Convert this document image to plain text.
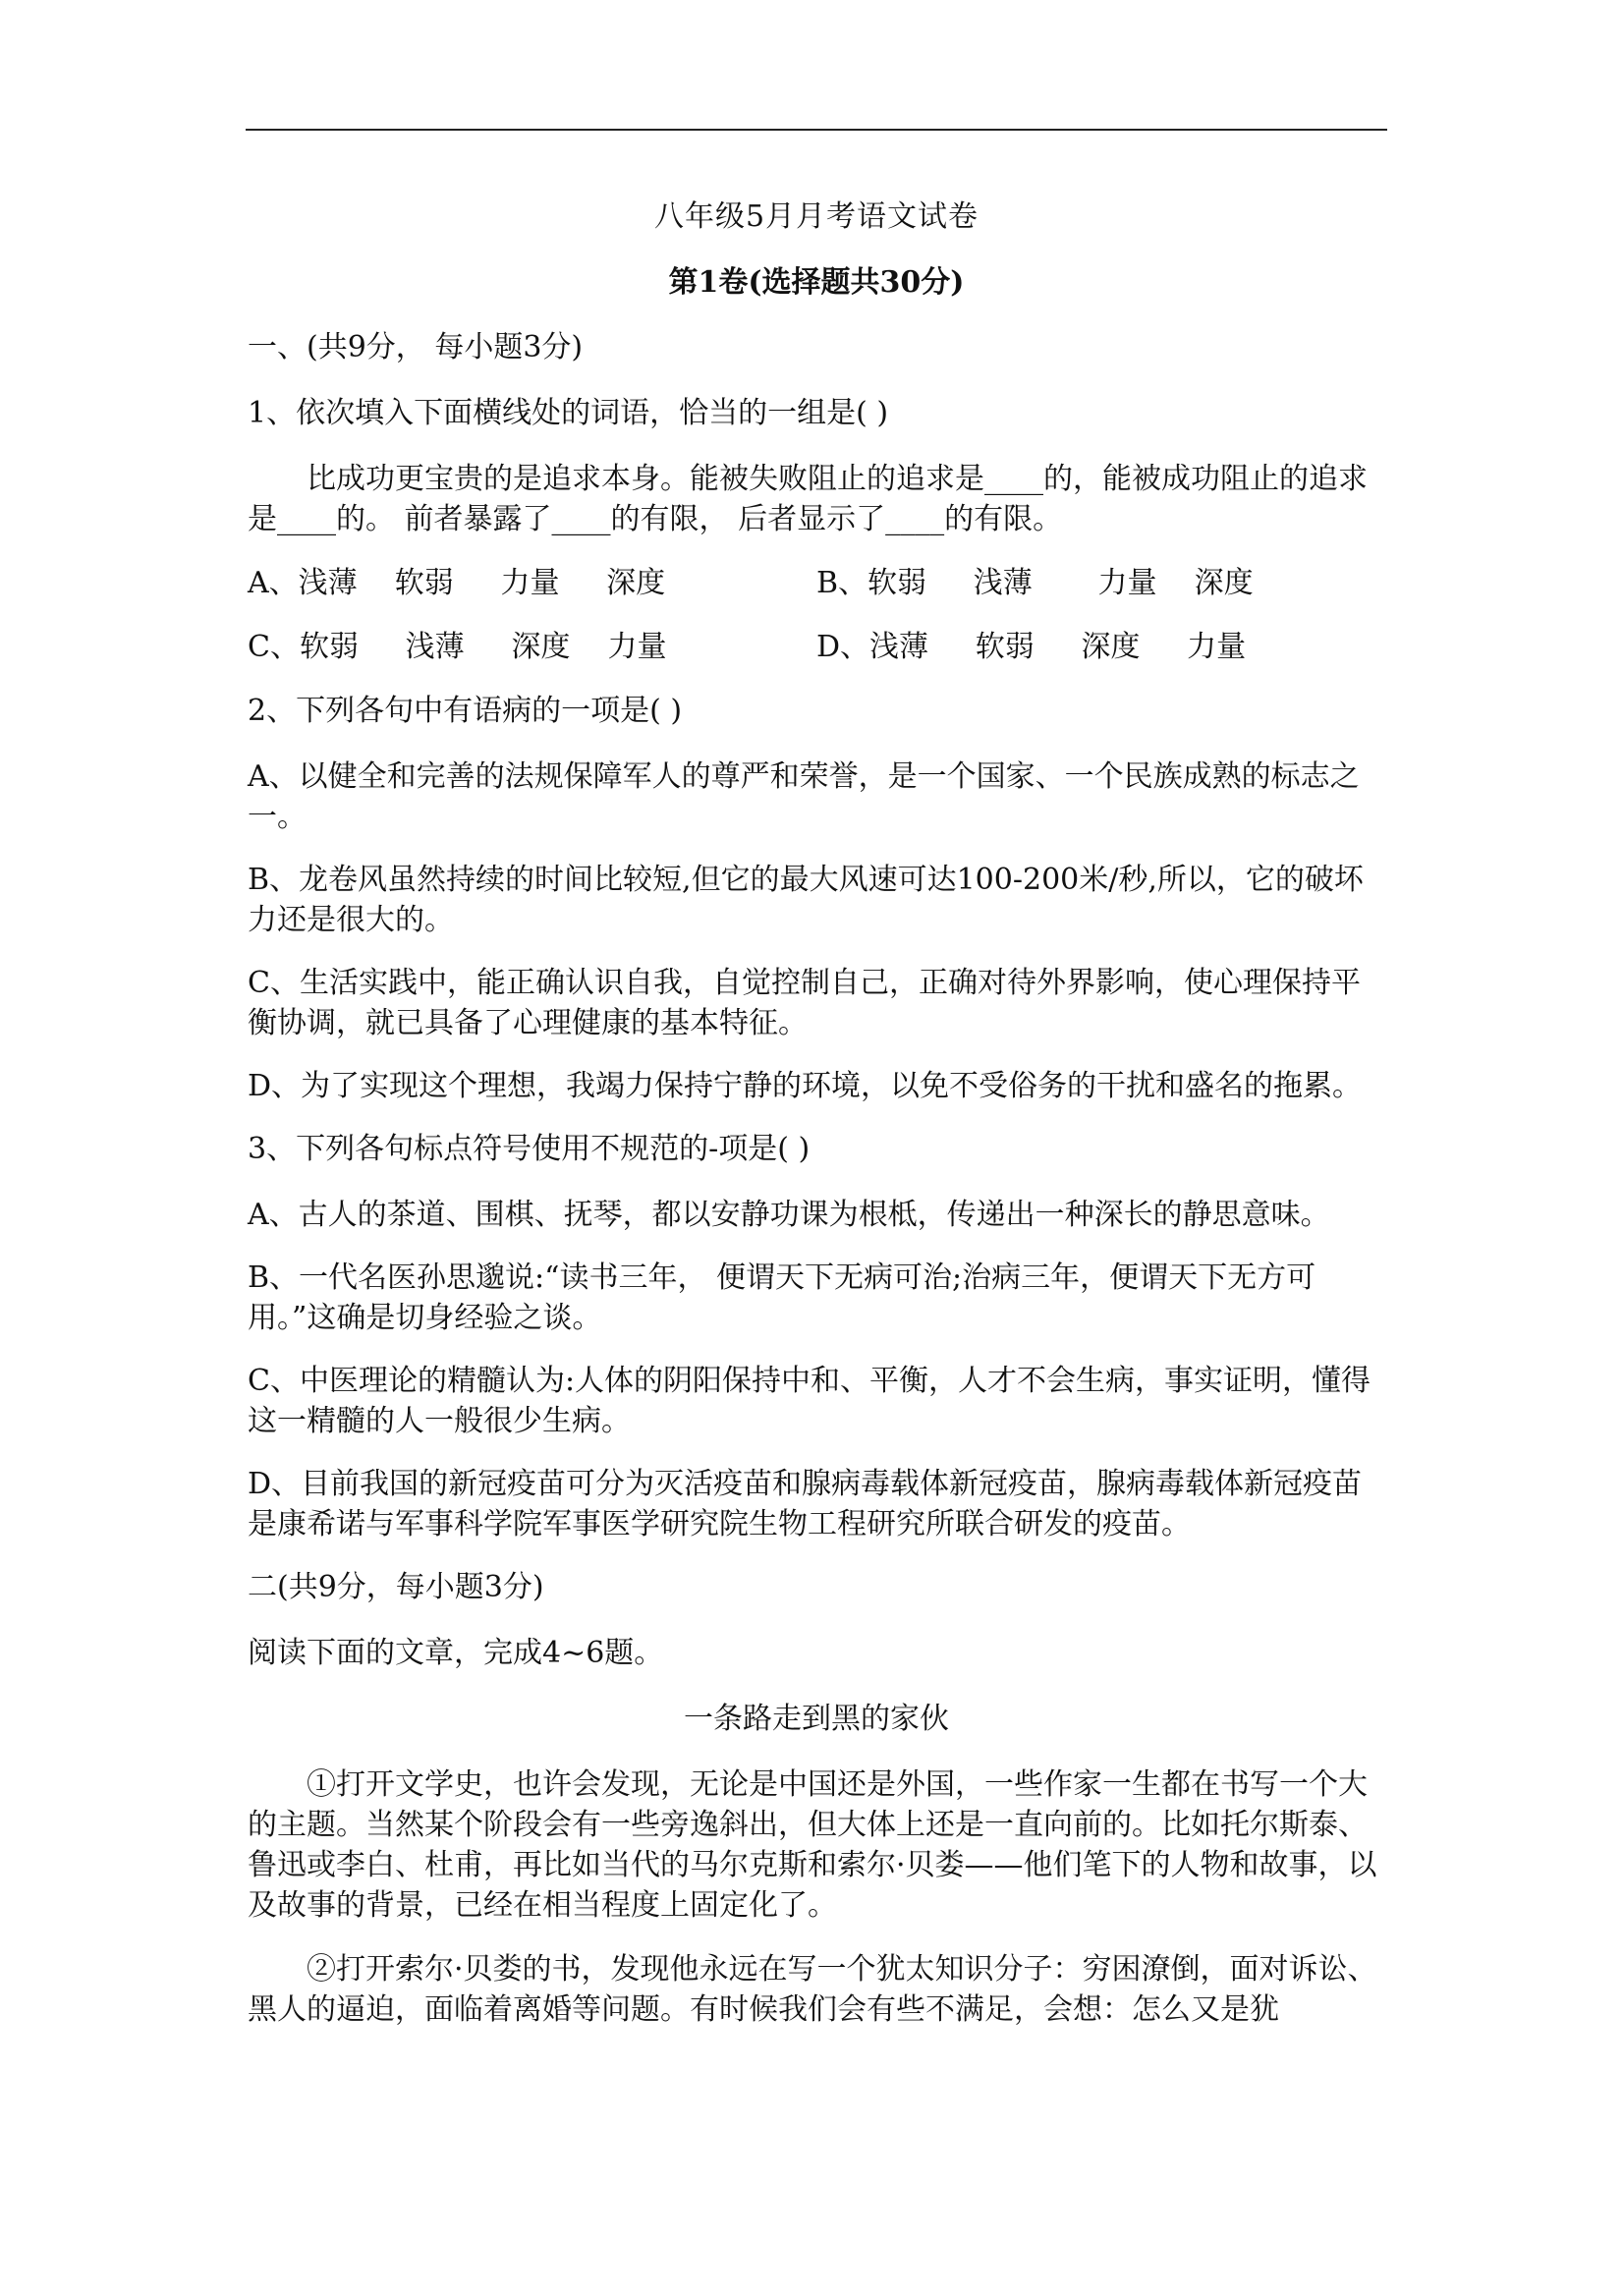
八年级5月月考语文试卷
第1卷(选择题共30分)
一、(共9分， 每小题3分)
1、依次填入下面横线处的词语，恰当的一组是( )
比成功更宝贵的是追求本身。能被失败阻止的追求是____的，能被成功阻止的追求是____的。 前者暴露了____的有限， 后者显示了____的有限。
A、浅薄    软弱     力量     深度	B、软弱     浅薄       力量    深度
C、软弱     浅薄     深度    力量	D、浅薄     软弱     深度     力量
2、下列各句中有语病的一项是( )
A、以健全和完善的法规保障军人的尊严和荣誉，是一个国家、一个民族成熟的标志之一。
B、龙卷风虽然持续的时间比较短,但它的最大风速可达100-200米/秒,所以，它的破坏力还是很大的。
C、生活实践中，能正确认识自我，自觉控制自己，正确对待外界影响，使心理保持平衡协调，就已具备了心理健康的基本特征。
D、为了实现这个理想，我竭力保持宁静的环境，以免不受俗务的干扰和盛名的拖累。
3、下列各句标点符号使用不规范的-项是( )
A、古人的茶道、围棋、抚琴，都以安静功课为根柢，传递出一种深长的静思意味。
B、一代名医孙思邈说:“读书三年， 便谓天下无病可治;治病三年，便谓天下无方可用。”这确是切身经验之谈。
C、中医理论的精髓认为:人体的阴阳保持中和、平衡，人才不会生病，事实证明，懂得这一精髓的人一般很少生病。
D、目前我国的新冠疫苗可分为灭活疫苗和腺病毒载体新冠疫苗，腺病毒载体新冠疫苗是康希诺与军事科学院军事医学研究院生物工程研究所联合研发的疫苗。
二(共9分，每小题3分)
阅读下面的文章，完成4~6题。
一条路走到黑的家伙
①打开文学史，也许会发现，无论是中国还是外国，一些作家一生都在书写一个大的主题。当然某个阶段会有一些旁逸斜出，但大体上还是一直向前的。比如托尔斯泰、鲁迅或李白、杜甫，再比如当代的马尔克斯和索尔·贝娄——他们笔下的人物和故事，以及故事的背景，已经在相当程度上固定化了。
②打开索尔·贝娄的书，发现他永远在写一个犹太知识分子：穷困潦倒，面对诉讼、黑人的逼迫，面临着离婚等问题。有时候我们会有些不满足，会想：怎么又是犹
